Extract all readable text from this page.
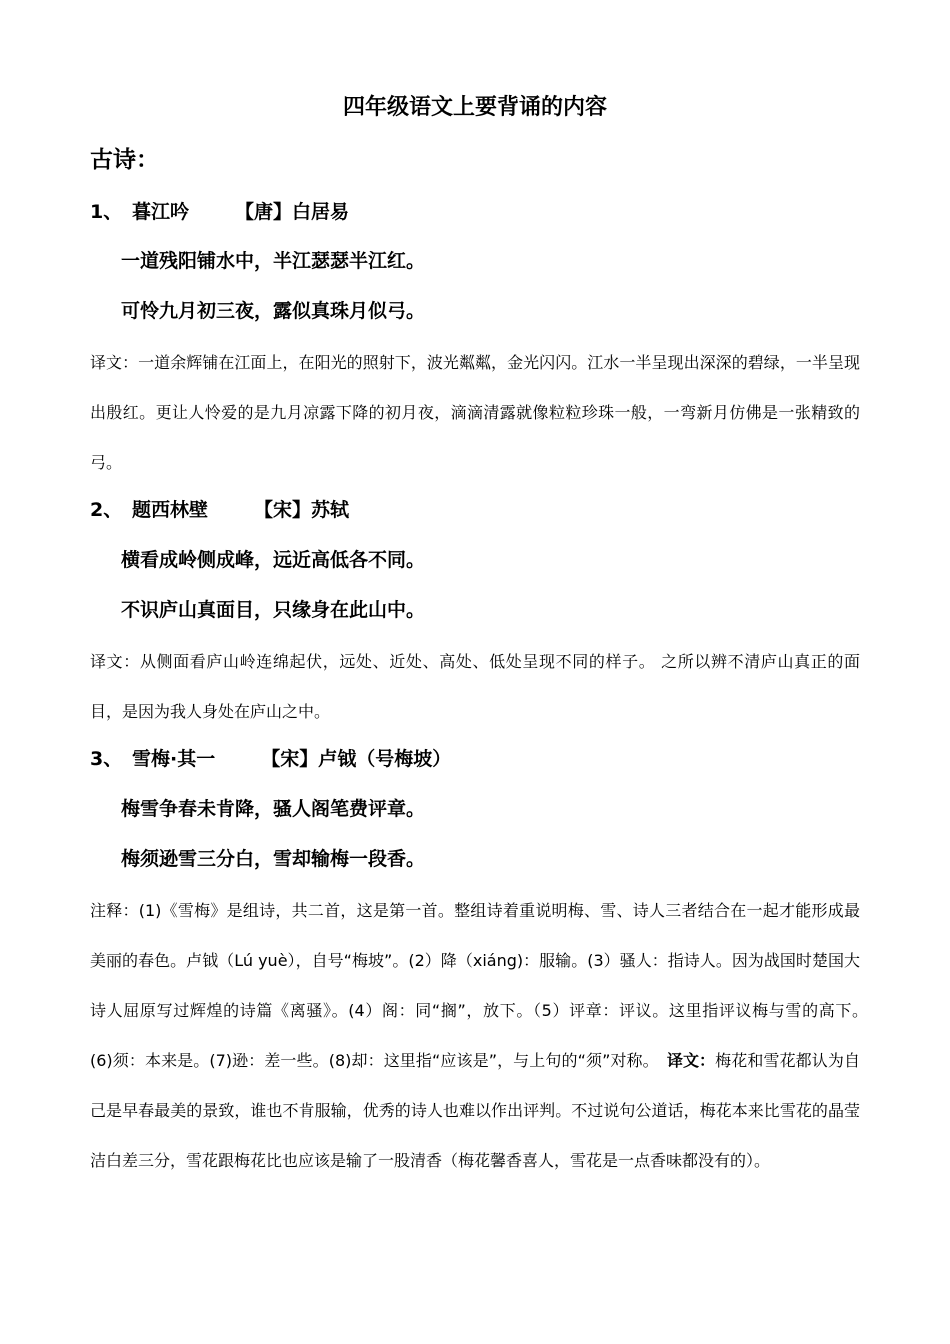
四年级语文上要背诵的内容
古诗：
1、 暮江吟 【唐】白居易
一道残阳铺水中，半江瑟瑟半江红。
可怜九月初三夜，露似真珠月似弓。
译文：一道余辉铺在江面上，在阳光的照射下，波光粼粼，金光闪闪。江水一半呈现出深深的碧绿，一半呈现出殷红。更让人怜爱的是九月凉露下降的初月夜，滴滴清露就像粒粒珍珠一般，一弯新月仿佛是一张精致的弓。
2、 题西林壁 【宋】苏轼
横看成岭侧成峰，远近高低各不同。
不识庐山真面目，只缘身在此山中。
译文：从侧面看庐山岭连绵起伏，远处、近处、高处、低处呈现不同的样子。 之所以辨不清庐山真正的面目，是因为我人身处在庐山之中。
3、 雪梅·其一 【宋】卢钺（号梅坡）
梅雪争春未肯降，骚人阁笔费评章。
梅须逊雪三分白，雪却输梅一段香。
注释：(1)《雪梅》是组诗，共二首，这是第一首。整组诗着重说明梅、雪、诗人三者结合在一起才能形成最美丽的春色。卢钺（Lú yuè），自号“梅坡”。(2）降（xiáng)：服输。(3）骚人：指诗人。因为战国时楚国大诗人屈原写过辉煌的诗篇《离骚》。(4）阁：同“搁”，放下。（5）评章：评议。这里指评议梅与雪的高下。　(6)须：本来是。(7)逊：差一些。(8)却：这里指“应该是”，与上句的“须”对称。　译文：梅花和雪花都认为自己是早春最美的景致，谁也不肯服输，优秀的诗人也难以作出评判。不过说句公道话，梅花本来比雪花的晶莹洁白差三分，雪花跟梅花比也应该是输了一股清香（梅花馨香喜人，雪花是一点香味都没有的）。
